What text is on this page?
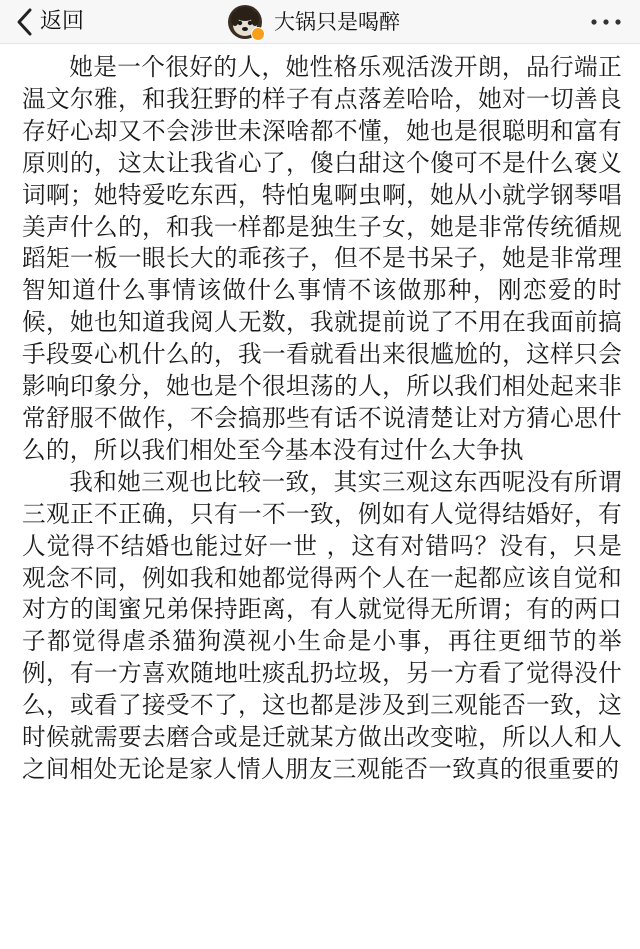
返回	大锅只是喝醉

她是一个很好的人，她性格乐观活泼开朗，品行端正温文尔雅，和我狂野的样子有点落差哈哈，她对一切善良存好心却又不会涉世未深啥都不懂，她也是很聪明和富有原则的，这太让我省心了，傻白甜这个傻可不是什么褒义词啊；她特爱吃东西，特怕鬼啊虫啊，她从小就学钢琴唱美声什么的，和我一样都是独生子女，她是非常传统循规蹈矩一板一眼长大的乖孩子，但不是书呆子，她是非常理智知道什么事情该做什么事情不该做那种，刚恋爱的时候，她也知道我阅人无数，我就提前说了不用在我面前搞手段耍心机什么的，我一看就看出来很尴尬的，这样只会影响印象分，她也是个很坦荡的人，所以我们相处起来非常舒服不做作，不会搞那些有话不说清楚让对方猜心思什么的，所以我们相处至今基本没有过什么大争执

我和她三观也比较一致，其实三观这东西呢没有所谓三观正不正确，只有一不一致，例如有人觉得结婚好，有人觉得不结婚也能过好一世 ，这有对错吗？没有，只是观念不同，例如我和她都觉得两个人在一起都应该自觉和对方的闺蜜兄弟保持距离，有人就觉得无所谓；有的两口子都觉得虐杀猫狗漠视小生命是小事，再往更细节的举例，有一方喜欢随地吐痰乱扔垃圾，另一方看了觉得没什么，或看了接受不了，这也都是涉及到三观能否一致，这时候就需要去磨合或是迁就某方做出改变啦，所以人和人之间相处无论是家人情人朋友三观能否一致真的很重要的
